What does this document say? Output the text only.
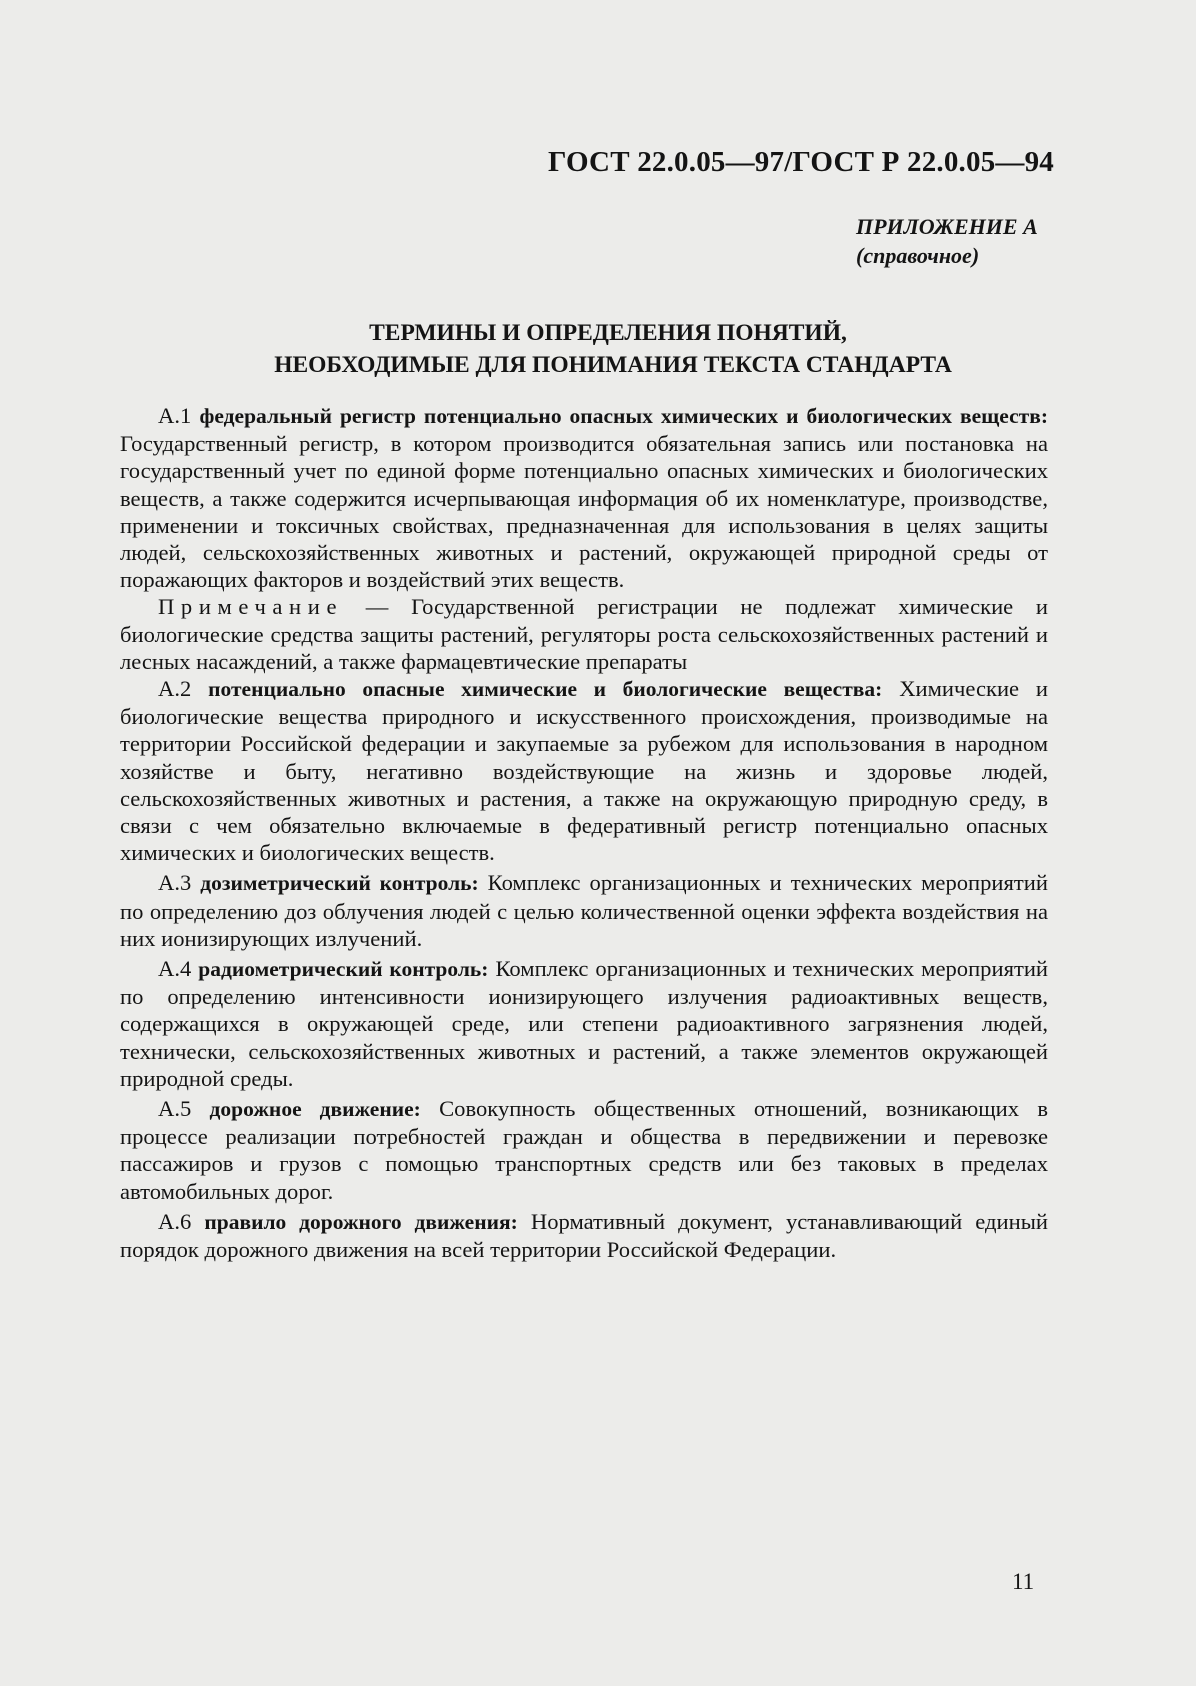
ГОСТ 22.0.05—97/ГОСТ Р 22.0.05—94
ПРИЛОЖЕНИЕ А
(справочное)
ТЕРМИНЫ И ОПРЕДЕЛЕНИЯ ПОНЯТИЙ,
НЕОБХОДИМЫЕ ДЛЯ ПОНИМАНИЯ ТЕКСТА СТАНДАРТА

А.1 федеральный регистр потенциально опасных химических и биологических веществ: Государственный регистр, в котором производится обязательная запись или постановка на государственный учет по единой форме потенциально опасных химических и биологических веществ, а также содержится исчерпывающая информация об их номенклатуре, производстве, применении и токсичных свойствах, предназначенная для использования в целях защиты людей, сельскохозяйственных животных и растений, окружающей природной среды от поражающих факторов и воздействий этих веществ.

Примечание — Государственной регистрации не подлежат химические и биологические средства защиты растений, регуляторы роста сельскохозяйственных растений и лесных насаждений, а также фармацевтические препараты

А.2 потенциально опасные химические и биологические вещества: Химические и биологические вещества природного и искусственного происхождения, производимые на территории Российской федерации и закупаемые за рубежом для использования в народном хозяйстве и быту, негативно воздействующие на жизнь и здоровье людей, сельскохозяйственных животных и растения, а также на окружающую природную среду, в связи с чем обязательно включаемые в федеративный регистр потенциально опасных химических и биологических веществ.

А.3 дозиметрический контроль: Комплекс организационных и технических мероприятий по определению доз облучения людей с целью количественной оценки эффекта воздействия на них ионизирующих излучений.

А.4 радиометрический контроль: Комплекс организационных и технических мероприятий по определению интенсивности ионизирующего излучения радиоактивных веществ, содержащихся в окружающей среде, или степени радиоактивного загрязнения людей, технически, сельскохозяйственных животных и растений, а также элементов окружающей природной среды.

А.5 дорожное движение: Совокупность общественных отношений, возникающих в процессе реализации потребностей граждан и общества в передвижении и перевозке пассажиров и грузов с помощью транспортных средств или без таковых в пределах автомобильных дорог.

А.6 правило дорожного движения: Нормативный документ, устанавливающий единый порядок дорожного движения на всей территории Российской Федерации.

11
